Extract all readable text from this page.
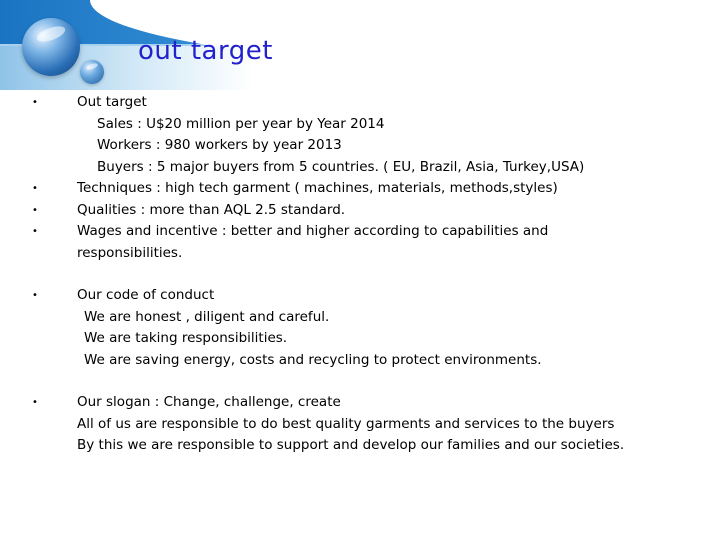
out target
•	Out target
Sales : U$20 million per year by Year 2014
Workers : 980 workers by year 2013
Buyers : 5 major buyers from 5 countries. ( EU, Brazil, Asia, Turkey,USA)
•	Techniques : high tech garment ( machines, materials, methods,styles)
•	Qualities : more than AQL 2.5 standard.
•	Wages and incentive : better and higher according to capabilities and
responsibilities.
•	Our code of conduct
We are honest , diligent and careful.
We are taking responsibilities.
We are saving energy, costs and recycling to protect environments.
•	Our slogan : Change, challenge, create
All of us are responsible to do best quality garments and services to the buyers
By this we are responsible to support and develop our families and our societies.
